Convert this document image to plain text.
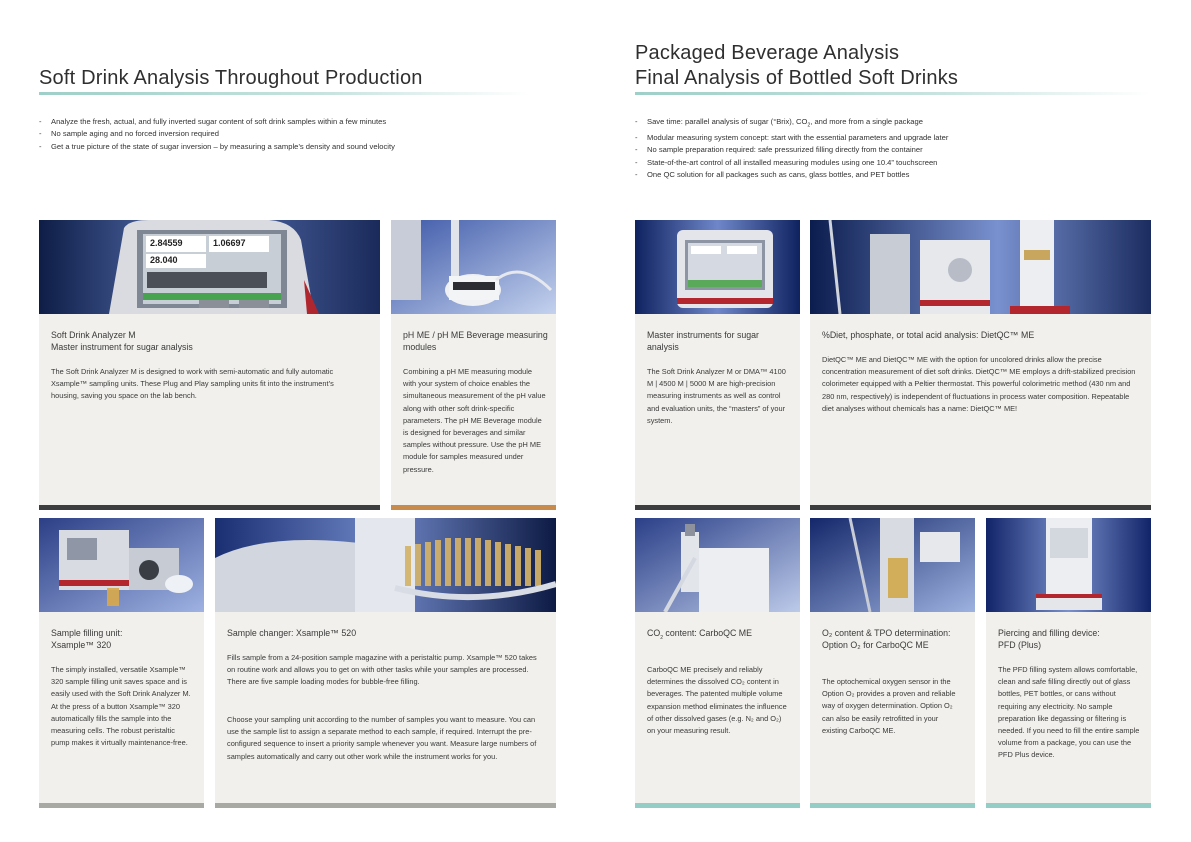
Soft Drink Analysis Throughout Production
- Analyze the fresh, actual, and fully inverted sugar content of soft drink samples within a few minutes
- No sample aging and no forced inversion required
- Get a true picture of the state of sugar inversion – by measuring a sample’s density and sound velocity
2.84559	1.06697
28.040
Soft Drink Analyzer M
Master instrument for sugar analysis
The Soft Drink Analyzer M is designed to work with semi-automatic and fully automatic Xsample™ sampling units. These Plug and Play sampling units fit into the instrument’s housing, saving you space on the lab bench.
pH ME / pH ME Beverage measuring modules
Combining a pH ME measuring module with your system of choice enables the simultaneous measurement of the pH value along with other soft drink-specific parameters. The pH ME Beverage module is designed for beverages and similar samples without pressure. Use the pH ME module for samples measured under pressure.
Sample filling unit:
Xsample™ 320
The simply installed, versatile Xsample™ 320 sample filling unit saves space and is easily used with the Soft Drink Analyzer M. At the press of a button Xsample™ 320 automatically fills the sample into the measuring cells. The robust peristaltic pump makes it virtually maintenance-free.
Sample changer: Xsample™ 520
Fills sample from a 24-position sample magazine with a peristaltic pump. Xsample™ 520 takes on routine work and allows you to get on with other tasks while your samples are processed. There are five sample loading modes for bubble-free filling.
Choose your sampling unit according to the number of samples you want to measure. You can use the sample list to assign a separate method to each sample, if required. Interrupt the pre-configured sequence to insert a priority sample whenever you want. Measure large numbers of samples automatically and carry out other work while the instrument works for you.
Packaged Beverage Analysis
Final Analysis of Bottled Soft Drinks
- Save time: parallel analysis of sugar (°Brix), $CO_2$, and more from a single package
- Modular measuring system concept: start with the essential parameters and upgrade later
- No sample preparation required: safe pressurized filling directly from the container
- State-of-the-art control of all installed measuring modules using one 10.4” touchscreen
- One QC solution for all packages such as cans, glass bottles, and PET bottles
Master instruments for sugar analysis
The Soft Drink Analyzer M or DMA™ 4100 M | 4500 M | 5000 M are high-precision measuring instruments as well as control and evaluation units, the “masters” of your system.
%Diet, phosphate, or total acid analysis: DietQC™ ME
DietQC™ ME and DietQC™ ME with the option for uncolored drinks allow the precise concentration measurement of diet soft drinks. DietQC™ ME employs a drift-stabilized precision colorimeter equipped with a Peltier thermostat. This powerful colorimetric method (430 nm and 280 nm, respectively) is independent of fluctuations in process water composition. Repeatable diet analyses without chemicals has a name: DietQC™ ME!
$CO_2$ content: CarboQC ME
CarboQC ME precisely and reliably determines the dissolved CO₂ content in beverages. The patented multiple volume expansion method eliminates the influence of other dissolved gases (e.g. N₂ and O₂) on your measuring result.
O₂ content & TPO determination: Option O₂ for CarboQC ME
The optochemical oxygen sensor in the Option O₂ provides a proven and reliable way of oxygen determination. Option O₂ can also be easily retrofitted in your existing CarboQC ME.
Piercing and filling device:
PFD (Plus)
The PFD filling system allows comfortable, clean and safe filling directly out of glass bottles, PET bottles, or cans without requiring any electricity. No sample preparation like degassing or filtering is needed. If you need to fill the entire sample volume from a package, you can use the PFD Plus device.
